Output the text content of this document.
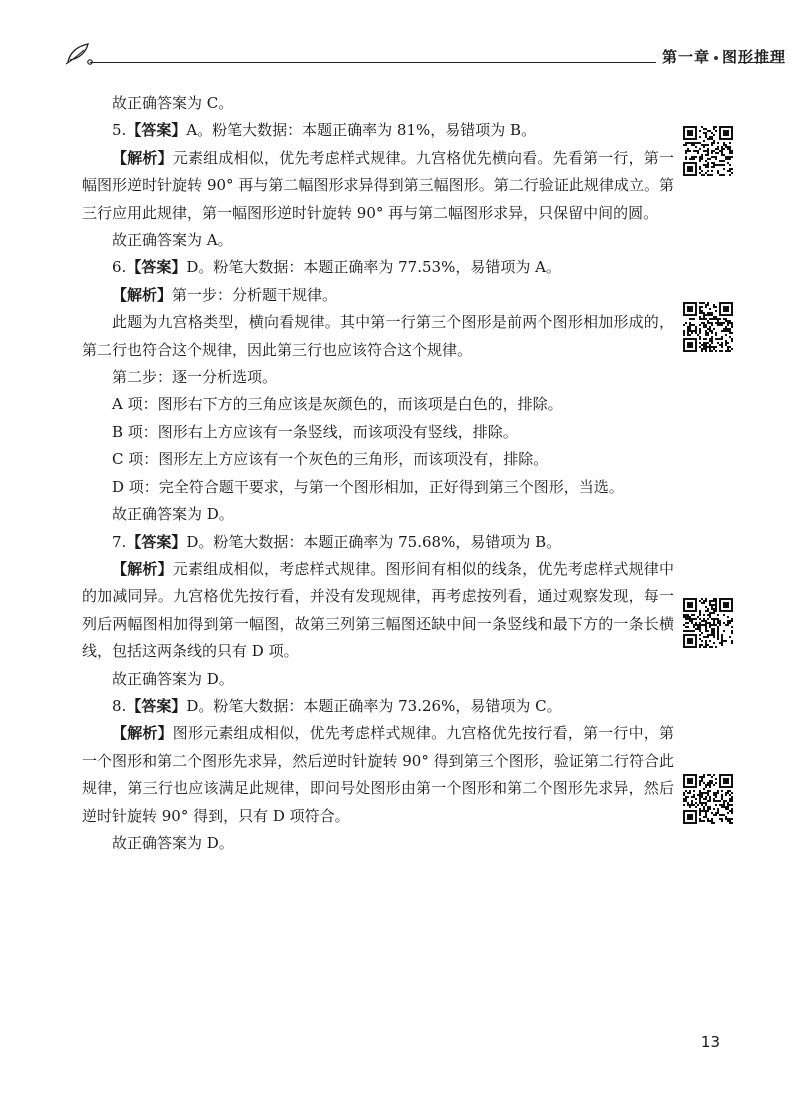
第一章 图形推理

故正确答案为 C。

5.【答案】A。粉笔大数据：本题正确率为 81%，易错项为 B。

【解析】元素组成相似，优先考虑样式规律。九宫格优先横向看。先看第一行，第一幅图形逆时针旋转 90° 再与第二幅图形求异得到第三幅图形。第二行验证此规律成立。第三行应用此规律，第一幅图形逆时针旋转 90° 再与第二幅图形求异，只保留中间的圆。

故正确答案为 A。

6.【答案】D。粉笔大数据：本题正确率为 77.53%，易错项为 A。

【解析】第一步：分析题干规律。

此题为九宫格类型，横向看规律。其中第一行第三个图形是前两个图形相加形成的，第二行也符合这个规律，因此第三行也应该符合这个规律。

第二步：逐一分析选项。

A 项：图形右下方的三角应该是灰颜色的，而该项是白色的，排除。

B 项：图形右上方应该有一条竖线，而该项没有竖线，排除。

C 项：图形左上方应该有一个灰色的三角形，而该项没有，排除。

D 项：完全符合题干要求，与第一个图形相加，正好得到第三个图形，当选。

故正确答案为 D。

7.【答案】D。粉笔大数据：本题正确率为 75.68%，易错项为 B。

【解析】元素组成相似，考虑样式规律。图形间有相似的线条，优先考虑样式规律中的加减同异。九宫格优先按行看，并没有发现规律，再考虑按列看，通过观察发现，每一列后两幅图相加得到第一幅图，故第三列第三幅图还缺中间一条竖线和最下方的一条长横线，包括这两条线的只有 D 项。

故正确答案为 D。

8.【答案】D。粉笔大数据：本题正确率为 73.26%，易错项为 C。

【解析】图形元素组成相似，优先考虑样式规律。九宫格优先按行看，第一行中，第一个图形和第二个图形先求异，然后逆时针旋转 90° 得到第三个图形，验证第二行符合此规律，第三行也应该满足此规律，即问号处图形由第一个图形和第二个图形先求异，然后逆时针旋转 90° 得到，只有 D 项符合。

故正确答案为 D。

13
